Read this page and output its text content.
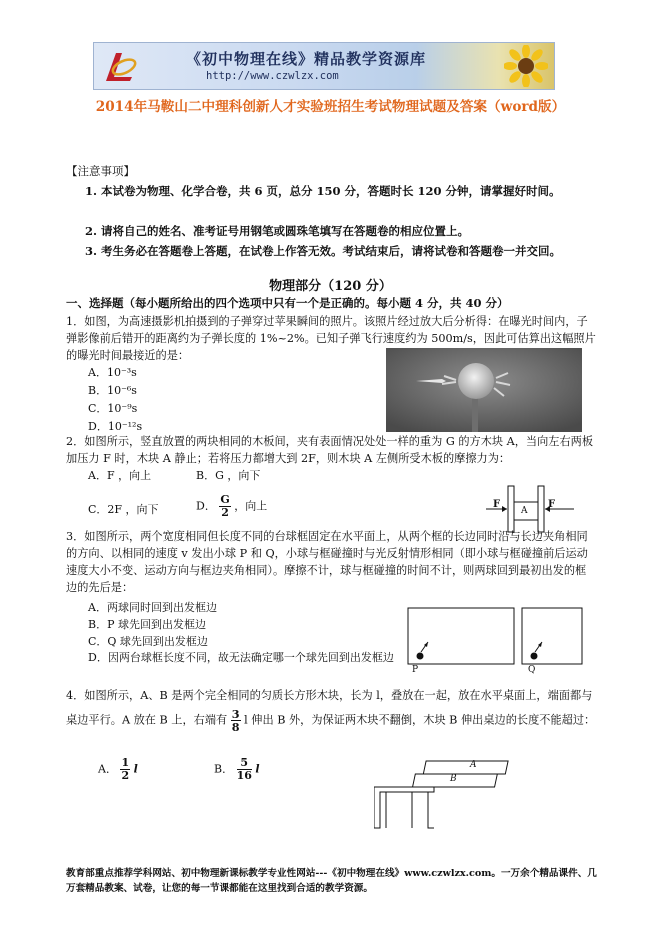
《初中物理在线》精品教学资源库
http://www.czwlzx.com
2014年马鞍山二中理科创新人才实验班招生考试物理试题及答案（word版）
【注意事项】
1. 本试卷为物理、化学合卷，共 6 页，总分 150 分，答题时长 120 分钟，请掌握好时间。
2. 请将自己的姓名、准考证号用钢笔或圆珠笔填写在答题卷的相应位置上。
3. 考生务必在答题卷上答题，在试卷上作答无效。考试结束后，请将试卷和答题卷一并交回。
物理部分（120 分）
一、选择题（每小题所给出的四个选项中只有一个是正确的。每小题 4 分，共 40 分）
1．如图，为高速摄影机拍摄到的子弹穿过苹果瞬间的照片。该照片经过放大后分析得：在曝光时间内，子弹影像前后错开的距离约为子弹长度的 1%~2%。已知子弹飞行速度约为 500m/s，因此可估算出这幅照片的曝光时间最接近的是：
A．10⁻³s
B．10⁻⁶s
C．10⁻⁹s
D．10⁻¹²s
2．如图所示，竖直放置的两块相同的木板间，夹有表面情况处处一样的重为 G 的方木块 A，当向左右两板加压力 F 时，木块 A 静止；若将压力都增大到 2F，则木块 A 左侧所受木板的摩擦力为：
A．F ，向上	B．G ，向下
C．2F ，向下	D． $\frac{G}{2}$ ，向上	F	F
A
3．如图所示，两个宽度相同但长度不同的台球框固定在水平面上，从两个框的长边同时沿与长边夹角相同的方向、以相同的速度 v 发出小球 P 和 Q，小球与框碰撞时与光反射情形相同（即小球与框碰撞前后运动速度大小不变、运动方向与框边夹角相同）。摩擦不计，球与框碰撞的时间不计，则两球回到最初出发的框边的先后是：
A．两球同时回到出发框边
B．P 球先回到出发框边
C．Q 球先回到出发框边
D．因两台球框长度不同，故无法确定哪一个球先回到出发框边
P	Q
4．如图所示，A、B 是两个完全相同的匀质长方形木块，长为 l，叠放在一起，放在水平桌面上，端面都与桌边平行。A 放在 B 上，右端有 $\frac{3}{8}$ l 伸出 B 外，为保证两木块不翻倒，木块 B 伸出桌边的长度不能超过：
A． $\frac{1}{2}$ l	B． $\frac{5}{16}$ l	A
B
教育部重点推荐学科网站、初中物理新课标教学专业性网站---《初中物理在线》www.czwlzx.com。一万余个精品课件、几万套精品教案、试卷，让您的每一节课都能在这里找到合适的教学资源。
